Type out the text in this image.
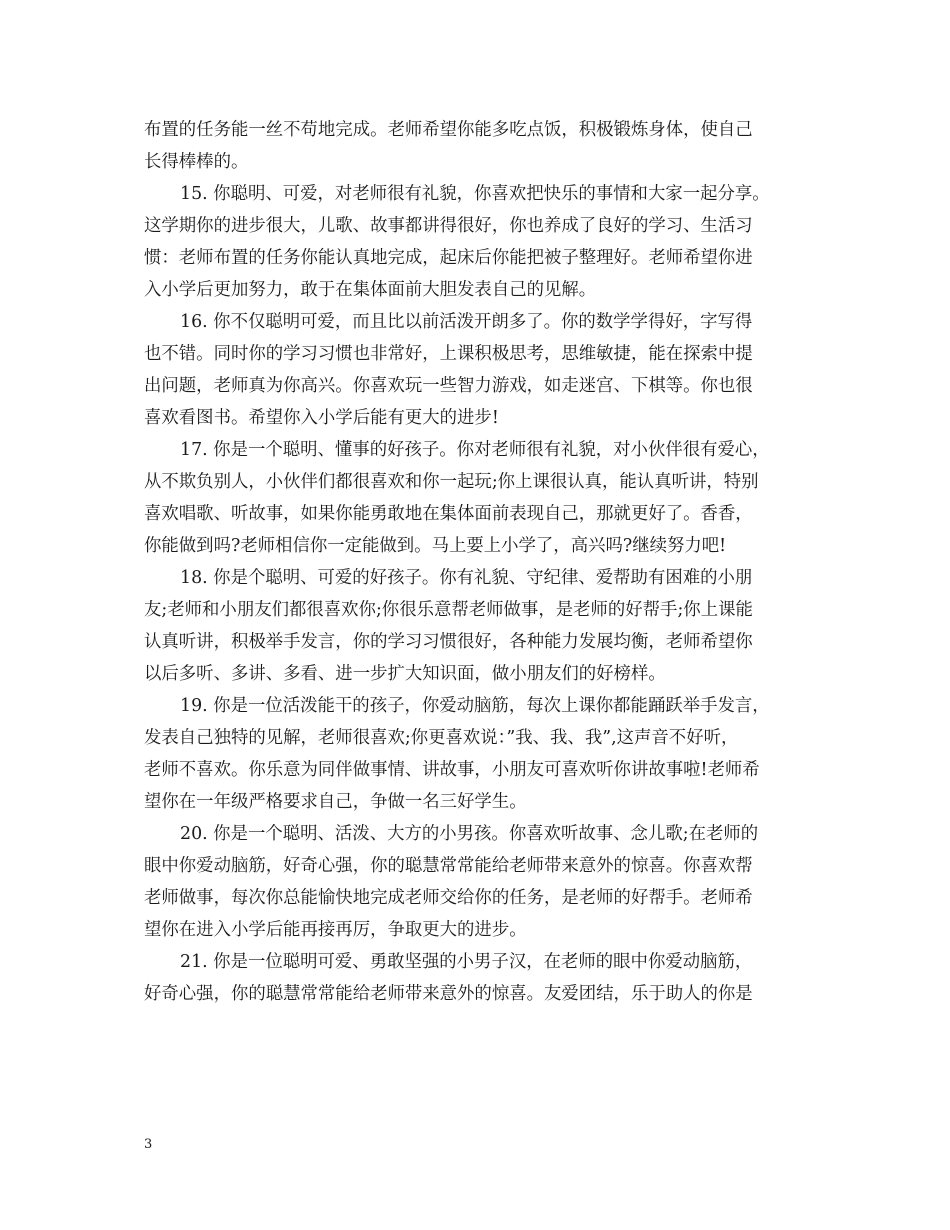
布置的任务能一丝不苟地完成。老师希望你能多吃点饭，积极锻炼身体，使自己
长得棒棒的。
15. 你聪明、可爱，对老师很有礼貌，你喜欢把快乐的事情和大家一起分享。
这学期你的进步很大，儿歌、故事都讲得很好，你也养成了良好的学习、生活习
惯：老师布置的任务你能认真地完成，起床后你能把被子整理好。老师希望你进
入小学后更加努力，敢于在集体面前大胆发表自己的见解。
16. 你不仅聪明可爱，而且比以前活泼开朗多了。你的数学学得好，字写得
也不错。同时你的学习习惯也非常好，上课积极思考，思维敏捷，能在探索中提
出问题，老师真为你高兴。你喜欢玩一些智力游戏，如走迷宫、下棋等。你也很
喜欢看图书。希望你入小学后能有更大的进步!
17. 你是一个聪明、懂事的好孩子。你对老师很有礼貌，对小伙伴很有爱心，
从不欺负别人，小伙伴们都很喜欢和你一起玩;你上课很认真，能认真听讲，特别
喜欢唱歌、听故事，如果你能勇敢地在集体面前表现自己，那就更好了。香香，
你能做到吗?老师相信你一定能做到。马上要上小学了，高兴吗?继续努力吧!
18. 你是个聪明、可爱的好孩子。你有礼貌、守纪律、爱帮助有困难的小朋
友;老师和小朋友们都很喜欢你;你很乐意帮老师做事，是老师的好帮手;你上课能
认真听讲，积极举手发言，你的学习习惯很好，各种能力发展均衡，老师希望你
以后多听、多讲、多看、进一步扩大知识面，做小朋友们的好榜样。
19. 你是一位活泼能干的孩子，你爱动脑筋，每次上课你都能踊跃举手发言，
发表自己独特的见解，老师很喜欢;你更喜欢说：”我、我、我”,这声音不好听，
老师不喜欢。你乐意为同伴做事情、讲故事，小朋友可喜欢听你讲故事啦!老师希
望你在一年级严格要求自己，争做一名三好学生。
20. 你是一个聪明、活泼、大方的小男孩。你喜欢听故事、念儿歌;在老师的
眼中你爱动脑筋，好奇心强，你的聪慧常常能给老师带来意外的惊喜。你喜欢帮
老师做事，每次你总能愉快地完成老师交给你的任务，是老师的好帮手。老师希
望你在进入小学后能再接再厉，争取更大的进步。
21. 你是一位聪明可爱、勇敢坚强的小男子汉，在老师的眼中你爱动脑筋，
好奇心强，你的聪慧常常能给老师带来意外的惊喜。友爱团结，乐于助人的你是
3
